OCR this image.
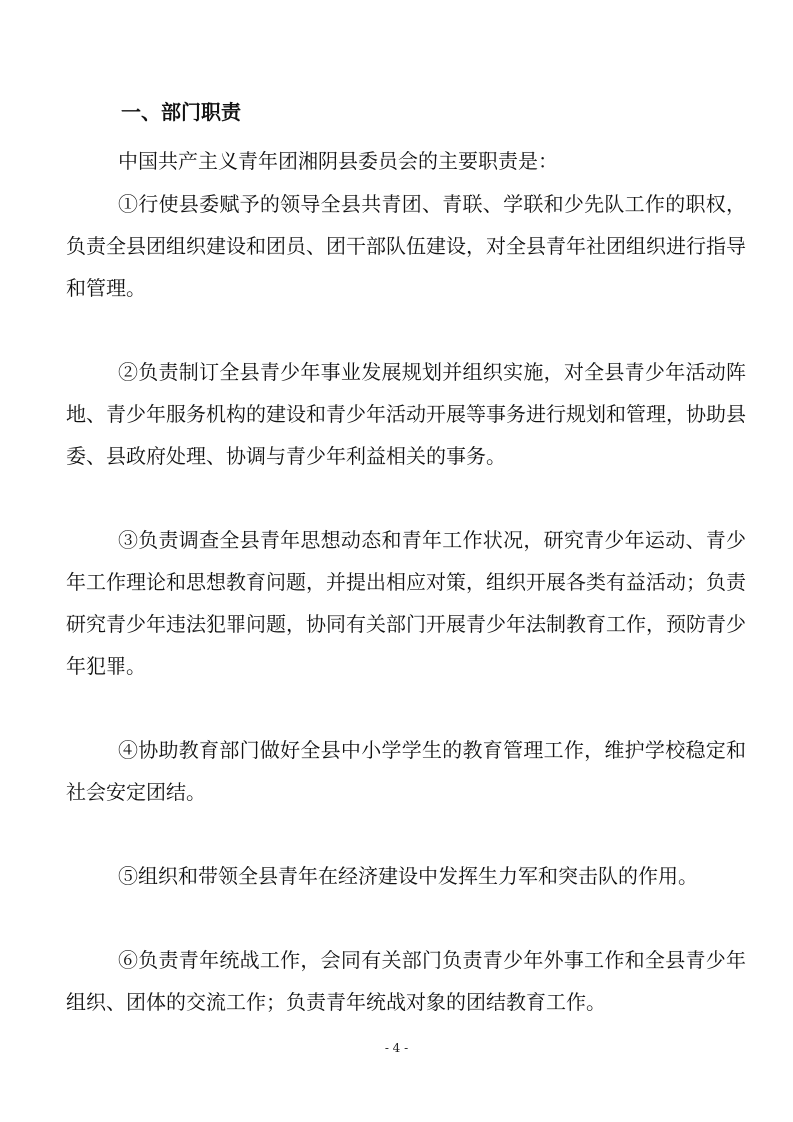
一、部门职责

中国共产主义青年团湘阴县委员会的主要职责是：

①行使县委赋予的领导全县共青团、青联、学联和少先队工作的职权，负责全县团组织建设和团员、团干部队伍建设，对全县青年社团组织进行指导和管理。

②负责制订全县青少年事业发展规划并组织实施，对全县青少年活动阵地、青少年服务机构的建设和青少年活动开展等事务进行规划和管理，协助县委、县政府处理、协调与青少年利益相关的事务。

③负责调查全县青年思想动态和青年工作状况，研究青少年运动、青少年工作理论和思想教育问题，并提出相应对策，组织开展各类有益活动；负责研究青少年违法犯罪问题，协同有关部门开展青少年法制教育工作，预防青少年犯罪。

④协助教育部门做好全县中小学学生的教育管理工作，维护学校稳定和社会安定团结。

⑤组织和带领全县青年在经济建设中发挥生力军和突击队的作用。

⑥负责青年统战工作，会同有关部门负责青少年外事工作和全县青少年组织、团体的交流工作；负责青年统战对象的团结教育工作。

- 4 -
